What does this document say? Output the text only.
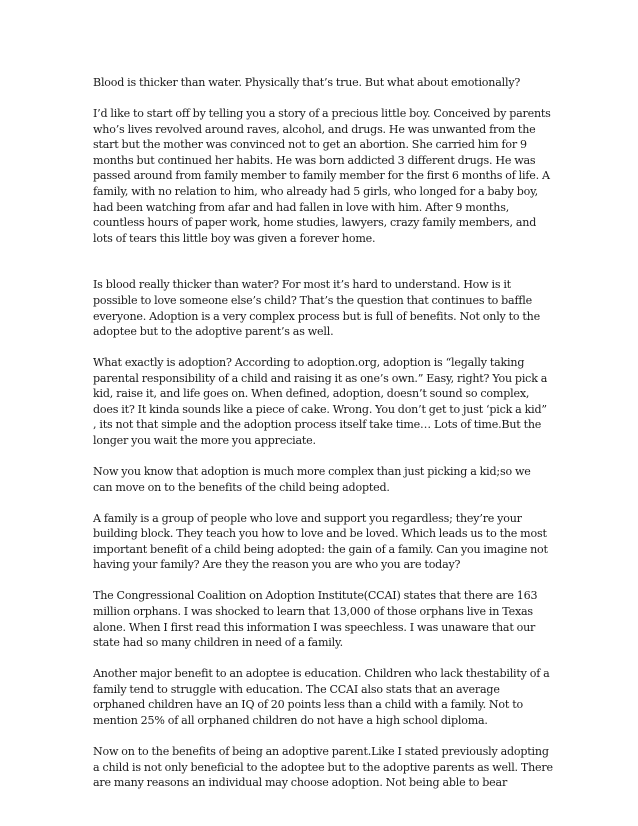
Blood is thicker than water. Physically that’s true. But what about emotionally?

I’d like to start off by telling you a story of a precious little boy. Conceived by parents who’s lives revolved around raves, alcohol, and drugs. He was unwanted from the start but the mother was convinced not to get an abortion. She carried him for 9 months but continued her habits. He was born addicted 3 different drugs. He was passed around from family member to family member for the first 6 months of life. A family, with no relation to him, who already had 5 girls, who longed for a baby boy, had been watching from afar and had fallen in love with him. After 9 months, countless hours of paper work, home studies, lawyers, crazy family members, and lots of tears this little boy was given a forever home.

Is blood really thicker than water? For most it’s hard to understand. How is it possible to love someone else’s child? That’s the question that continues to baffle everyone. Adoption is a very complex process but is full of benefits. Not only to the adoptee but to the adoptive parent’s as well.

What exactly is adoption? According to adoption.org, adoption is “legally taking parental responsibility of a child and raising it as one’s own.” Easy, right? You pick a kid, raise it, and life goes on. When defined, adoption, doesn’t sound so complex, does it? It kinda sounds like a piece of cake. Wrong. You don’t get to just ‘pick a kid” , its not that simple and the adoption process itself take time… Lots of time.But the longer you wait the more you appreciate.

Now you know that adoption is much more complex than just picking a kid;so we can move on to the benefits of the child being adopted.

A family is a group of people who love and support you regardless; they’re your building block. They teach you how to love and be loved. Which leads us to the most important benefit of a child being adopted: the gain of a family. Can you imagine not having your family? Are they the reason you are who you are today?

The Congressional Coalition on Adoption Institute(CCAI) states that there are 163 million orphans. I was shocked to learn that 13,000 of those orphans live in Texas alone. When I first read this information I was speechless. I was unaware that our state had so many children in need of a family.

Another major benefit to an adoptee is education. Children who lack thestability of a family tend to struggle with education. The CCAI also stats that an average orphaned children have an IQ of 20 points less than a child with a family. Not to mention 25% of all orphaned children do not have a high school diploma.

Now on to the benefits of being an adoptive parent.Like I stated previously adopting a child is not only beneficial to the adoptee but to the adoptive parents as well. There are many reasons an individual may choose adoption. Not being able to bear
